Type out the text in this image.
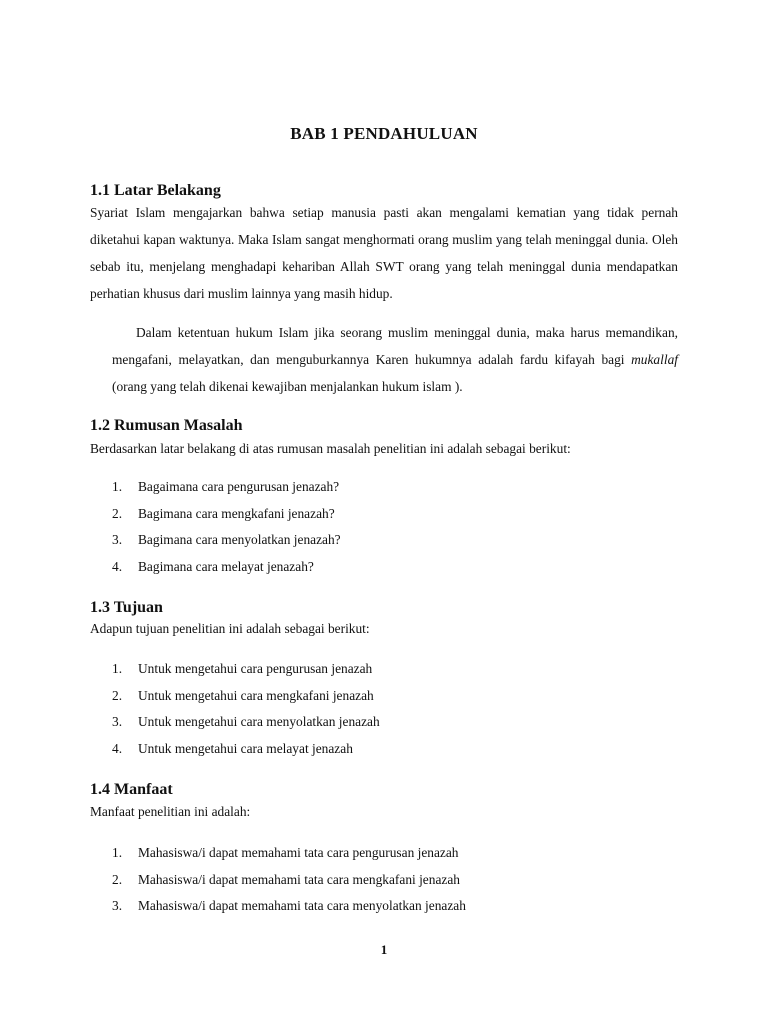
BAB 1 PENDAHULUAN
1.1 Latar Belakang

Syariat Islam mengajarkan bahwa setiap manusia pasti akan mengalami kematian yang tidak pernah diketahui kapan waktunya. Maka Islam sangat menghormati orang muslim yang telah meninggal dunia. Oleh sebab itu, menjelang menghadapi kehariban Allah SWT orang yang telah meninggal dunia mendapatkan perhatian khusus dari muslim lainnya yang masih hidup.

Dalam ketentuan hukum Islam jika seorang muslim meninggal dunia, maka harus memandikan, mengafani, melayatkan, dan menguburkannya Karen hukumnya adalah fardu kifayah bagi mukallaf (orang yang telah dikenai kewajiban menjalankan hukum islam ).

1.2 Rumusan Masalah

Berdasarkan latar belakang di atas rumusan masalah penelitian ini adalah sebagai berikut:

1. Bagaimana cara pengurusan jenazah?
2. Bagimana cara mengkafani jenazah?
3. Bagimana cara menyolatkan jenazah?
4. Bagimana cara melayat jenazah?
1.3 Tujuan

Adapun tujuan penelitian ini adalah sebagai berikut:

1. Untuk mengetahui cara pengurusan jenazah
2. Untuk mengetahui cara mengkafani jenazah
3. Untuk mengetahui cara menyolatkan jenazah
4. Untuk mengetahui cara melayat jenazah
1.4 Manfaat

Manfaat penelitian ini adalah:

1. Mahasiswa/i dapat memahami tata cara pengurusan jenazah
2. Mahasiswa/i dapat memahami tata cara mengkafani jenazah
3. Mahasiswa/i dapat memahami tata cara menyolatkan jenazah
1
